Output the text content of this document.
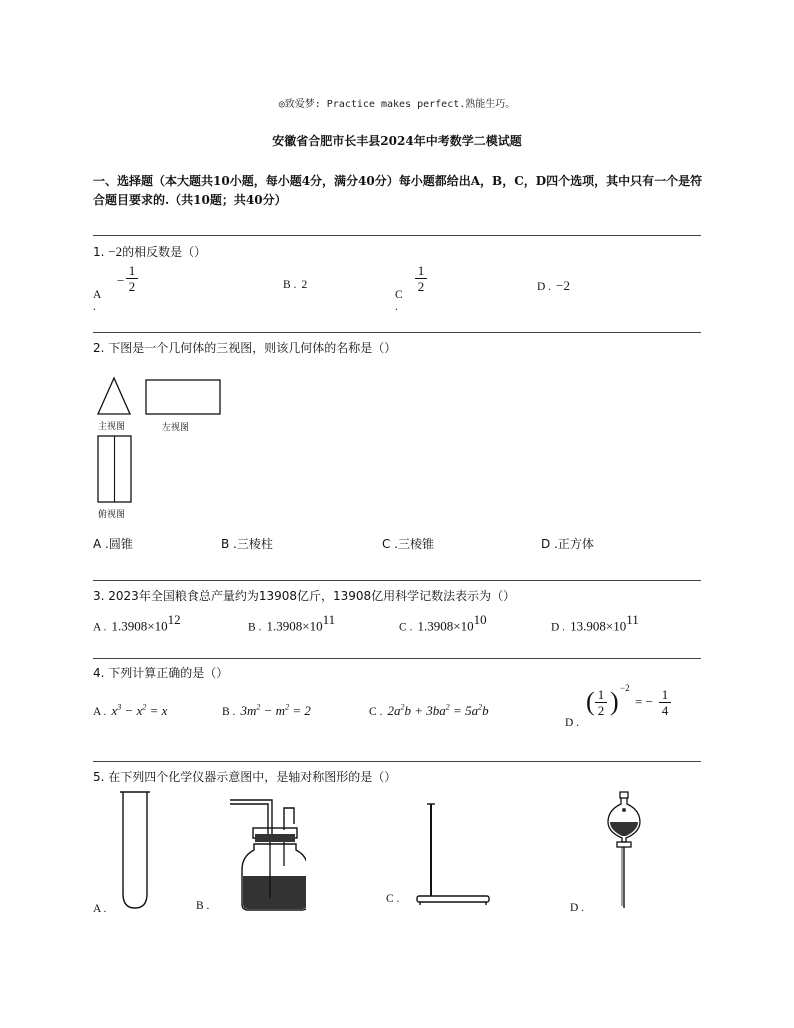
◎致爱梦: Practice makes perfect.熟能生巧。
安徽省合肥市长丰县2024年中考数学二模试题
一、选择题（本大题共10小题，每小题4分，满分40分）每小题都给出A，B，C，D四个选项，其中只有一个是符合题目要求的.（共10题；共40分）
1. −2的相反数是（）
A .
−
1
2	B . 2
C .
1
2	D . −2
2. 下图是一个几何体的三视图，则该几何体的名称是（）
主视图	左视图
俯视图
A .圆锥	B .三棱柱	C .三棱锥	D .正方体
3. 2023年全国粮食总产量约为13908亿斤，13908亿用科学记数法表示为（）
A . $1.3908\times 10^{12}$
B . $1.3908\times 10^{11}$
C . $1.3908\times 10^{10}$
D . $13.908\times 10^{11}$
4. 下列计算正确的是（）
A . $x^3 - x^2 = x$	B . $3m^2 - m^2 = 2$	C . $2a^2b + 3ba^2 = 5a^2b$
D .
( 1
2 ) −2
= − 1
4
5. 在下列四个化学仪器示意图中，是轴对称图形的是（）
A .	B .
C .
D .
